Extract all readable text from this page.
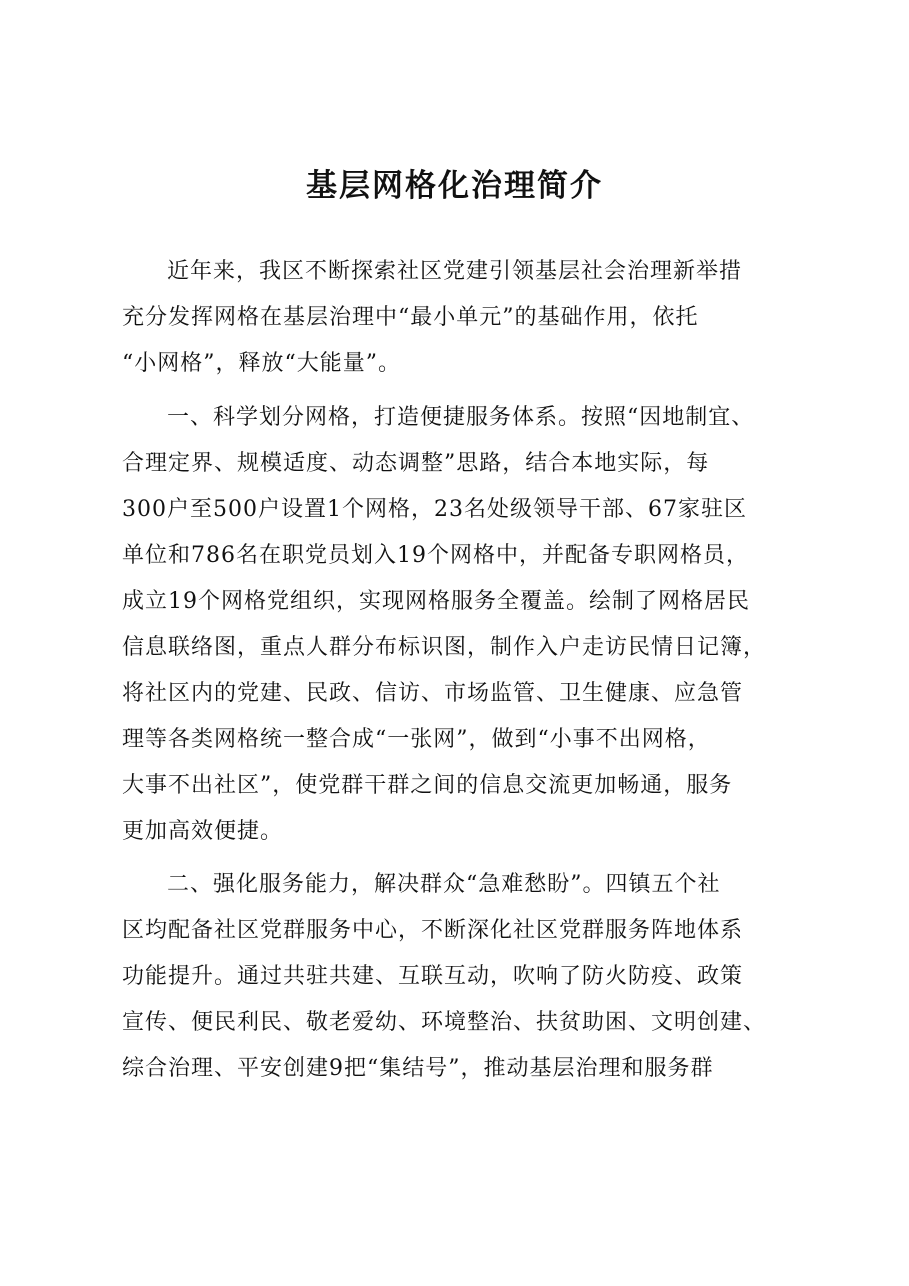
基层网格化治理简介
近年来，我区不断探索社区党建引领基层社会治理新举措
充分发挥网格在基层治理中“最小单元”的基础作用，依托
“小网格”，释放“大能量”。
一、科学划分网格，打造便捷服务体系。按照“因地制宜、
合理定界、规模适度、动态调整”思路，结合本地实际，每
300户至500户设置1个网格，23名处级领导干部、67家驻区
单位和786名在职党员划入19个网格中，并配备专职网格员，
成立19个网格党组织，实现网格服务全覆盖。绘制了网格居民
信息联络图，重点人群分布标识图，制作入户走访民情日记簿，
将社区内的党建、民政、信访、市场监管、卫生健康、应急管
理等各类网格统一整合成“一张网”，做到“小事不出网格，
大事不出社区”，使党群干群之间的信息交流更加畅通，服务
更加高效便捷。
二、强化服务能力，解决群众“急难愁盼”。四镇五个社
区均配备社区党群服务中心，不断深化社区党群服务阵地体系
功能提升。通过共驻共建、互联互动，吹响了防火防疫、政策
宣传、便民利民、敬老爱幼、环境整治、扶贫助困、文明创建、
综合治理、平安创建9把“集结号”，推动基层治理和服务群
